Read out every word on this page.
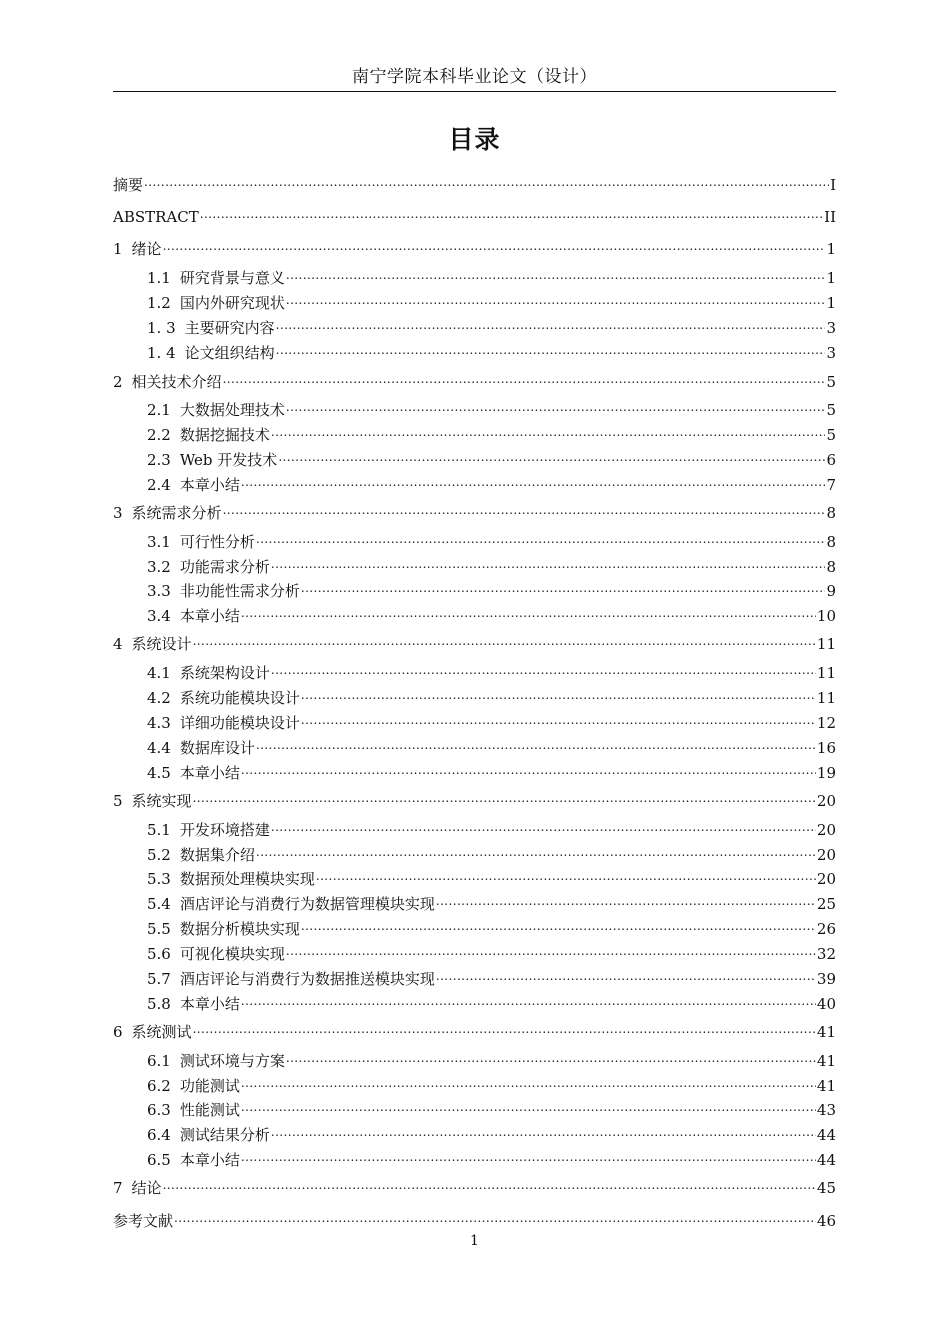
南宁学院本科毕业论文（设计）
目录
摘要 .....	I
ABSTRACT .....	II
1 绪论 .....	1
1.1 研究背景与意义 .....	1
1.2 国内外研究现状 .....	1
1. 3 主要研究内容 .....	3
1. 4 论文组织结构 .....	3
2 相关技术介绍 .....	5
2.1 大数据处理技术 .....	5
2.2 数据挖掘技术 .....	5
2.3 Web 开发技术 .....	6
2.4 本章小结 .....	7
3 系统需求分析 .....	8
3.1 可行性分析 .....	8
3.2 功能需求分析 .....	8
3.3 非功能性需求分析 .....	9
3.4 本章小结 .....	10
4 系统设计 .....	11
4.1 系统架构设计 .....	11
4.2 系统功能模块设计 .....	11
4.3 详细功能模块设计 .....	12
4.4 数据库设计 .....	16
4.5 本章小结 .....	19
5 系统实现 .....	20
5.1 开发环境搭建 .....	20
5.2 数据集介绍 .....	20
5.3 数据预处理模块实现 .....	20
5.4 酒店评论与消费行为数据管理模块实现 .....	25
5.5 数据分析模块实现 .....	26
5.6 可视化模块实现 .....	32
5.7 酒店评论与消费行为数据推送模块实现 .....	39
5.8 本章小结 .....	40
6 系统测试 .....	41
6.1 测试环境与方案 .....	41
6.2 功能测试 .....	41
6.3 性能测试 .....	43
6.4 测试结果分析 .....	44
6.5 本章小结 .....	44
7 结论 .....	45
参考文献 .....	46
1
